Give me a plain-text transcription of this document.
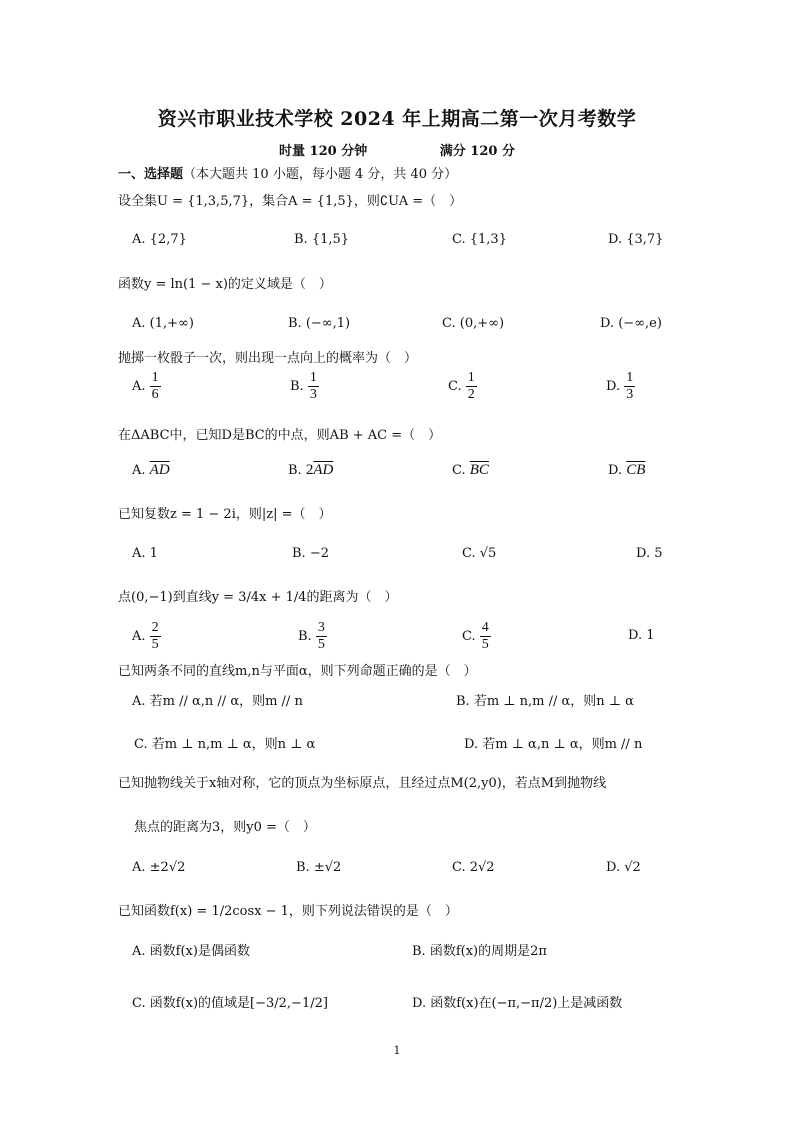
资兴市职业技术学校 2024 年上期高二第一次月考数学
时量 120 分钟	满分 120 分
一、选择题（本大题共 10 小题，每小题 4 分，共 40 分）
设全集U = {1,3,5,7}，集合A = {1,5}，则∁UA =（　）
A. {2,7}	B. {1,5}	C. {1,3}	D. {3,7}
函数y = ln(1 − x)的定义域是（　）
A. (1,+∞)	B. (−∞,1)	C. (0,+∞)	D. (−∞,e)
抛掷一枚骰子一次，则出现一点向上的概率为（　）
A. $\frac{1}{6}$	B. $\frac{1}{3}$	C. $\frac{1}{2}$	D. $\frac{1}{3}$
在ΔABC中，已知D是BC的中点，则AB + AC =（　）
A. $\overline{AD}$	B. $2\overline{AD}$	C. $\overline{BC}$	D. $\overline{CB}$
已知复数z = 1 − 2i，则|z| =（　）
A. 1	B. −2	C. √5	D. 5
点(0,−1)到直线y = 3/4x + 1/4的距离为（　）
A. $\frac{2}{5}$	B. $\frac{3}{5}$	C. $\frac{4}{5}$	D. 1
已知两条不同的直线m,n与平面α，则下列命题正确的是（　）
A. 若m // α,n // α，则m // n	B. 若m ⊥ n,m // α，则n ⊥ α
C. 若m ⊥ n,m ⊥ α，则n ⊥ α	D. 若m ⊥ α,n ⊥ α，则m // n
已知抛物线关于x轴对称，它的顶点为坐标原点，且经过点M(2,y0)，若点M到抛物线
焦点的距离为3，则y0 =（　）
A. ±2√2	B. ±√2	C. 2√2	D. √2
已知函数f(x) = 1/2cosx − 1，则下列说法错误的是（　）
A. 函数f(x)是偶函数	B. 函数f(x)的周期是2π
C. 函数f(x)的值域是[−3/2,−1/2]	D. 函数f(x)在(−π,−π/2)上是减函数
1
